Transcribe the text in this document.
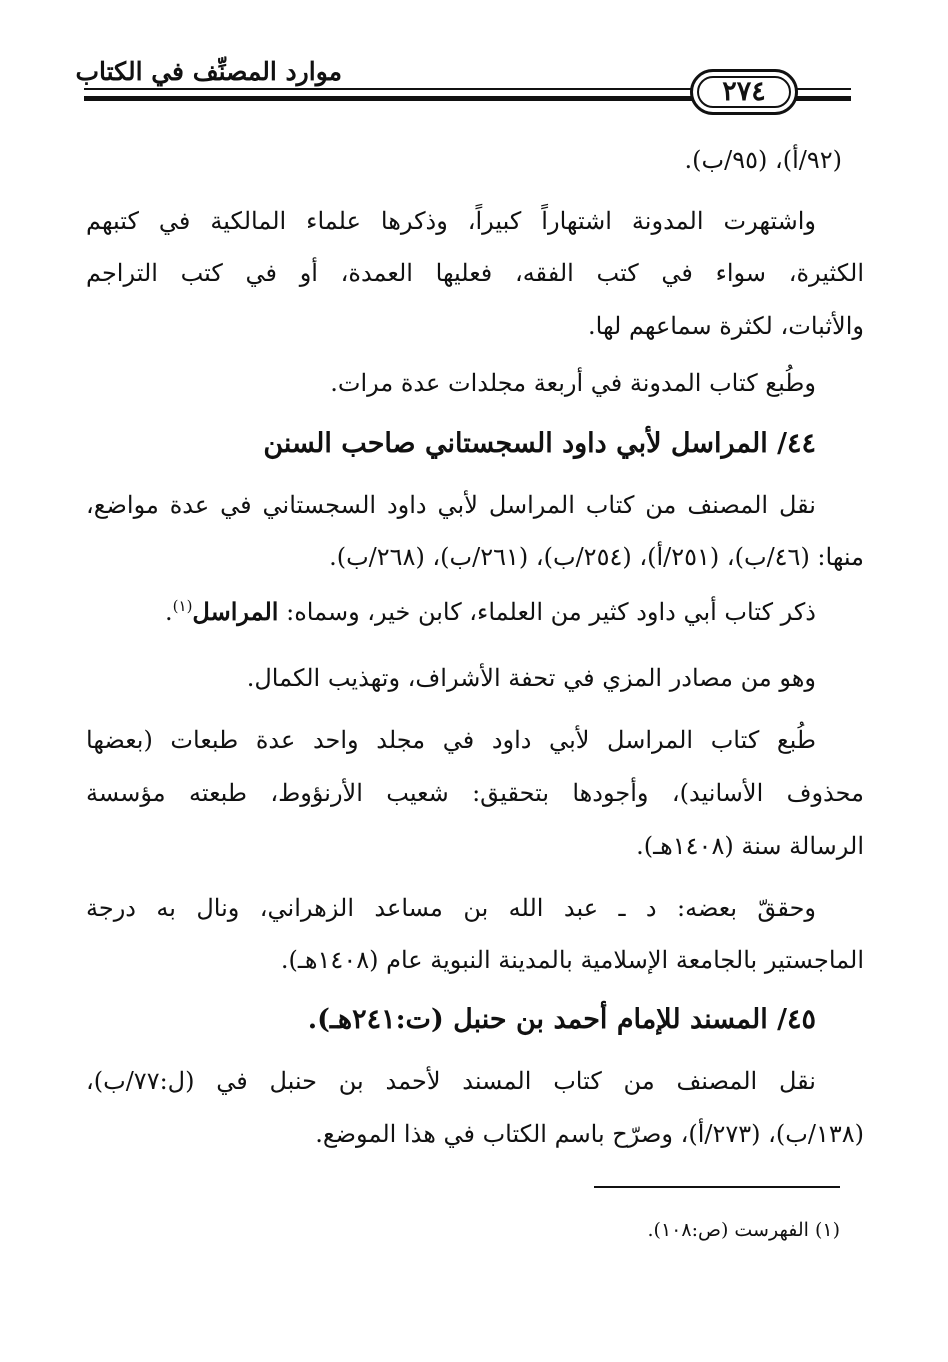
موارد المصنِّف في الكتاب
٢٧٤
(٩٢/أ)، (٩٥/ب).
واشتهرت المدونة اشتهاراً كبيراً، وذكرها علماء المالكية في كتبهم
الكثيرة، سواء في كتب الفقه، فعليها العمدة، أو في كتب التراجم
والأثبات، لكثرة سماعهم لها.
وطُبع كتاب المدونة في أربعة مجلدات عدة مرات.
٤٤/ المراسل لأبي داود السجستاني صاحب السنن
نقل المصنف من كتاب المراسل لأبي داود السجستاني في عدة مواضع،
منها: (٤٦/ب)، (٢٥١/أ)، (٢٥٤/ب)، (٢٦١/ب)، (٢٦٨/ب).
ذكر كتاب أبي داود كثير من العلماء، كابن خير، وسماه: المراسل$^{(١)}$.
وهو من مصادر المزي في تحفة الأشراف، وتهذيب الكمال.
طُبع كتاب المراسل لأبي داود في مجلد واحد عدة طبعات (بعضها
محذوف الأسانيد)، وأجودها بتحقيق: شعيب الأرنؤوط، طبعته مؤسسة
الرسالة سنة (١٤٠٨هـ).
وحققّ بعضه: د ـ عبد الله بن مساعد الزهراني، ونال به درجة
الماجستير بالجامعة الإسلامية بالمدينة النبوية عام (١٤٠٨هـ).
٤٥/ المسند للإمام أحمد بن حنبل (ت:٢٤١هـ).
نقل المصنف من كتاب المسند لأحمد بن حنبل في (ل:٧٧/ب)،
(١٣٨/ب)، (٢٧٣/أ)، وصرّح باسم الكتاب في هذا الموضع.
(١) الفهرست (ص:١٠٨).
